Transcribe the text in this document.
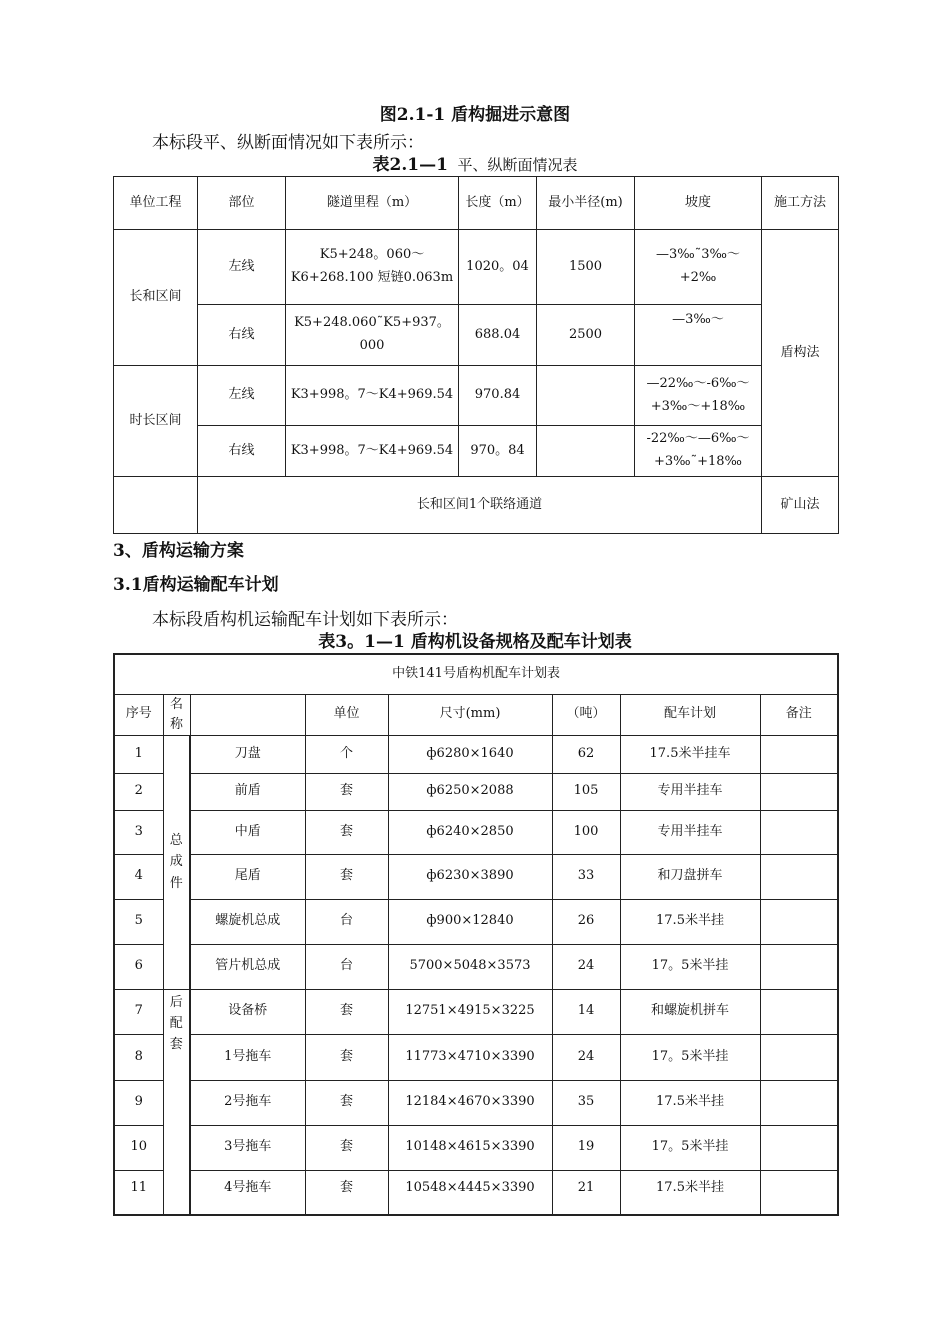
图2.1-1 盾构掘进示意图
本标段平、纵断面情况如下表所示：
表2.1—1  平、纵断面情况表
单位工程	部位	隧道里程（m）	长度（m）	最小半径(m)	坡度	施工方法
长和区间	左线	K5+248。060～K6+268.100 短链0.063m	1020。04	1500	—3‰˜3‰～+2‰	盾构法
	右线	K5+248.060˜K5+937。000	688.04	2500	—3‰～	
时长区间	左线	K3+998。7～K4+969.54	970.84		—22‰～-6‰～+3‰～+18‰	
	右线	K3+998。7～K4+969.54	970。84		-22‰～—6‰～+3‰˜+18‰	
	长和区间1个联络通道					矿山法
3、盾构运输方案
3.1盾构运输配车计划
本标段盾构机运输配车计划如下表所示：
表3。1—1 盾构机设备规格及配车计划表
中铁141号盾构机配车计划表							
序号	名称		单位	尺寸(mm)	（吨）	配车计划	备注
1	总成件	刀盘	个	ф6280×1640	62	17.5米半挂车	
2		前盾	套	ф6250×2088	105	专用半挂车	
3		中盾	套	ф6240×2850	100	专用半挂车	
4		尾盾	套	ф6230×3890	33	和刀盘拼车	
5		螺旋机总成	台	ф900×12840	26	17.5米半挂	
6		管片机总成	台	5700×5048×3573	24	17。5米半挂	
7	后配套	设备桥	套	12751×4915×3225	14	和螺旋机拼车	
8		1号拖车	套	11773×4710×3390	24	17。5米半挂	
9		2号拖车	套	12184×4670×3390	35	17.5米半挂	
10		3号拖车	套	10148×4615×3390	19	17。5米半挂	
11		4号拖车	套	10548×4445×3390	21	17.5米半挂	
